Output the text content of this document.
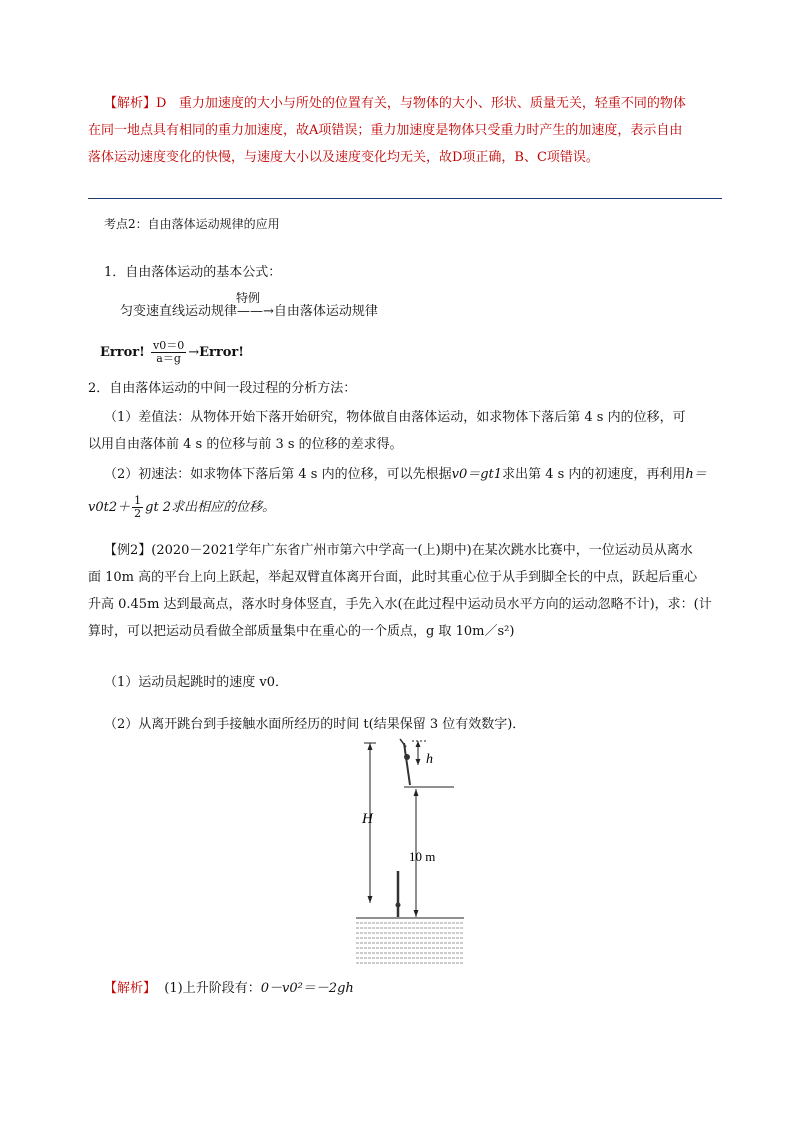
【解析】D 重力加速度的大小与所处的位置有关，与物体的大小、形状、质量无关，轻重不同的物体
在同一地点具有相同的重力加速度，故A项错误；重力加速度是物体只受重力时产生的加速度，表示自由
落体运动速度变化的快慢，与速度大小以及速度变化均无关，故D项正确，B、C项错误。
考点2：自由落体运动规律的应用
1．自由落体运动的基本公式：
特例
匀变速直线运动规律——→自由落体运动规律
Error! $\frac{v0=0}{a=g}$ →Error!
2．自由落体运动的中间一段过程的分析方法：
（1）差值法：从物体开始下落开始研究，物体做自由落体运动，如求物体下落后第 4 s 内的位移，可
以用自由落体前 4 s 的位移与前 3 s 的位移的差求得。
（2）初速法：如求物体下落后第 4 s 内的位移，可以先根据v0＝gt1求出第 4 s 内的初速度，再利用h＝
$v0t2+ \frac{1}{2}$ gt 2求出相应的位移。
【例2】(2020－2021学年广东省广州市第六中学高一(上)期中)在某次跳水比赛中，一位运动员从离水
面 10m 高的平台上向上跃起，举起双臂直体离开台面，此时其重心位于从手到脚全长的中点，跃起后重心
升高 0.45m 达到最高点，落水时身体竖直，手先入水(在此过程中运动员水平方向的运动忽略不计)，求：(计
算时，可以把运动员看做全部质量集中在重心的一个质点，g 取 10m／s²)
（1）运动员起跳时的速度 v0．
（2）从离开跳台到手接触水面所经历的时间 t(结果保留 3 位有效数字)．
H
h
10 m
【解析】 (1)上升阶段有：0－v0²＝－2gh
